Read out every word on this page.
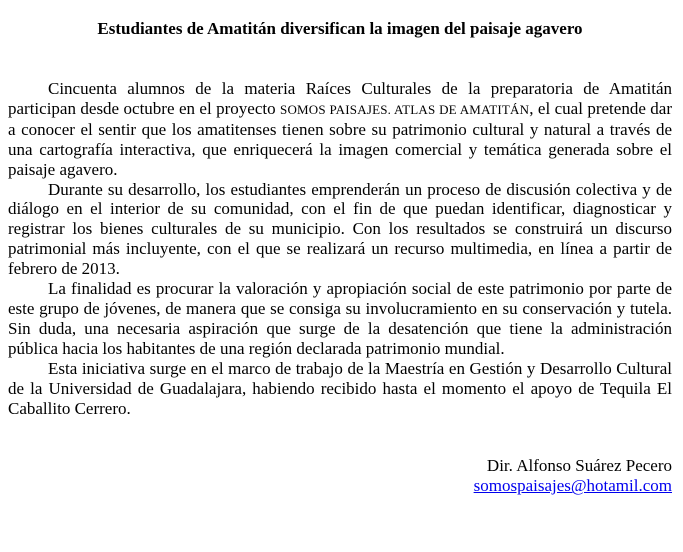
Estudiantes de Amatitán diversifican la imagen del paisaje agavero

Cincuenta alumnos de la materia Raíces Culturales de la preparatoria de Amatitán participan desde octubre en el proyecto SOMOS PAISAJES. ATLAS DE AMATITÁN, el cual pretende dar a conocer el sentir que los amatitenses tienen sobre su patrimonio cultural y natural a través de una cartografía interactiva, que enriquecerá la imagen comercial y temática generada sobre el paisaje agavero.

Durante su desarrollo, los estudiantes emprenderán un proceso de discusión colectiva y de diálogo en el interior de su comunidad, con el fin de que puedan identificar, diagnosticar y registrar los bienes culturales de su municipio. Con los resultados se construirá un discurso patrimonial más incluyente, con el que se realizará un recurso multimedia, en línea a partir de febrero de 2013.

La finalidad es procurar la valoración y apropiación social de este patrimonio por parte de este grupo de jóvenes, de manera que se consiga su involucramiento en su conservación y tutela. Sin duda, una necesaria aspiración que surge de la desatención que tiene la administración pública hacia los habitantes de una región declarada patrimonio mundial.

Esta iniciativa surge en el marco de trabajo de la Maestría en Gestión y Desarrollo Cultural de la Universidad de Guadalajara, habiendo recibido hasta el momento el apoyo de Tequila El Caballito Cerrero.

Dir. Alfonso Suárez Pecero
somospaisajes@hotamil.com
